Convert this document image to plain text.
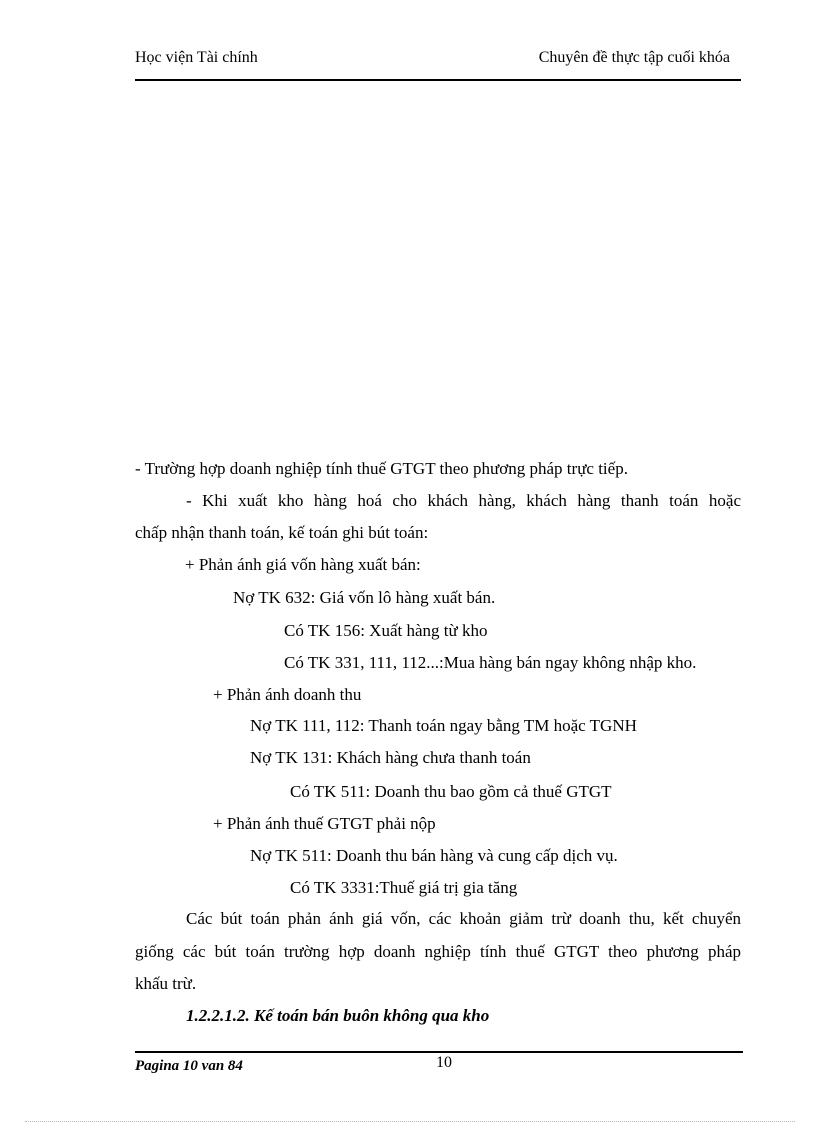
Học viện Tài chính	Chuyên đề thực tập cuối khóa
- Trường hợp doanh nghiệp tính thuế GTGT theo phương pháp trực tiếp.
- Khi xuất kho hàng hoá cho khách hàng, khách hàng thanh toán hoặc
chấp nhận thanh toán, kế toán ghi bút toán:
+ Phản ánh giá vốn hàng xuất bán:
Nợ TK 632: Giá vốn lô hàng xuất bán.
Có TK 156: Xuất hàng từ kho
Có TK 331, 111, 112...:Mua hàng bán ngay không nhập kho.
+ Phản ánh doanh thu
Nợ TK 111, 112: Thanh toán ngay bằng TM hoặc TGNH
Nợ TK 131: Khách hàng chưa thanh toán
Có TK 511: Doanh thu bao gồm cả thuế GTGT
+ Phản ánh thuế GTGT phải nộp
Nợ TK 511: Doanh thu bán hàng và cung cấp dịch vụ.
Có TK 3331:Thuế giá trị gia tăng
Các bút toán phản ánh giá vốn, các khoản giảm trừ doanh thu, kết chuyển
giống các bút toán trường hợp doanh nghiệp tính thuế GTGT theo phương pháp
khấu trừ.
1.2.2.1.2. Kế toán bán buôn không qua kho
Pagina 10 van 84	10
